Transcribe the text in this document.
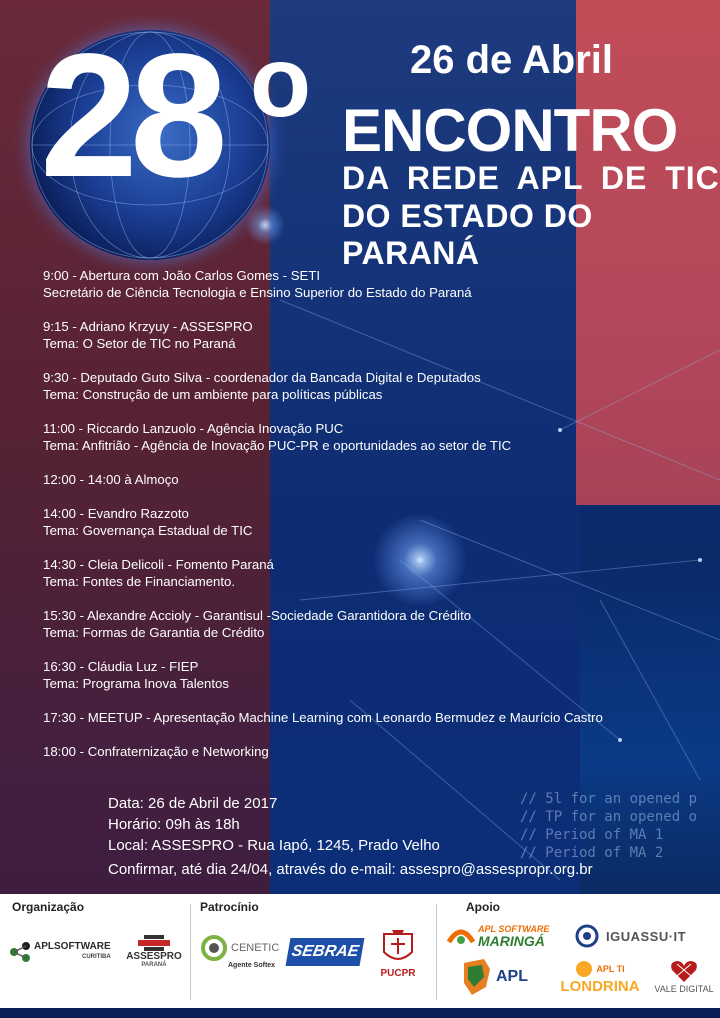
// 5l for an opened p
// TP for an opened o
// Period of MA 1
// Period of MA 2
28 o 26 de Abril
ENCONTRO
DA REDE APL DE TIC
DO ESTADO DO PARANÁ
9:00 - Abertura com João Carlos Gomes - SETI
Secretário de Ciência Tecnologia e Ensino Superior do Estado do Paraná
9:15 - Adriano Krzyuy - ASSESPRO
Tema: O Setor de TIC no Paraná
9:30 - Deputado Guto Silva - coordenador da Bancada Digital e Deputados
Tema: Construção de um ambiente para políticas públicas
11:00 - Riccardo Lanzuolo - Agência Inovação PUC
Tema: Anfitrião - Agência de Inovação PUC-PR e oportunidades ao setor de TIC
12:00 - 14:00 à Almoço
14:00 - Evandro Razzoto
Tema: Governança Estadual de TIC
14:30 - Cleia Delicoli - Fomento Paraná
Tema: Fontes de Financiamento.
15:30 - Alexandre Accioly - Garantisul -Sociedade Garantidora de Crédito
Tema: Formas de Garantia de Crédito
16:30 - Cláudia Luz - FIEP
Tema: Programa Inova Talentos
17:30 - MEETUP - Apresentação Machine Learning com Leonardo Bermudez e Maurício Castro
18:00 - Confraternização e Networking
Data: 26 de Abril de 2017
Horário: 09h às 18h
Local: ASSESPRO - Rua Iapó, 1245, Prado Velho
Confirmar, até dia 24/04, através do e-mail: assespro@assespropr.org.br
Organização
APLSOFTWARE
CURITIBA ASSESPRO
PARANÁ
Patrocínio
CENETIC
Agente Softex
SEBRAE
PUCPR
Apoio
APL SOFTWARE
MARINGÁ	IGUASSU·IT
APL	APL TI
LONDRINA VALE DIGITAL
